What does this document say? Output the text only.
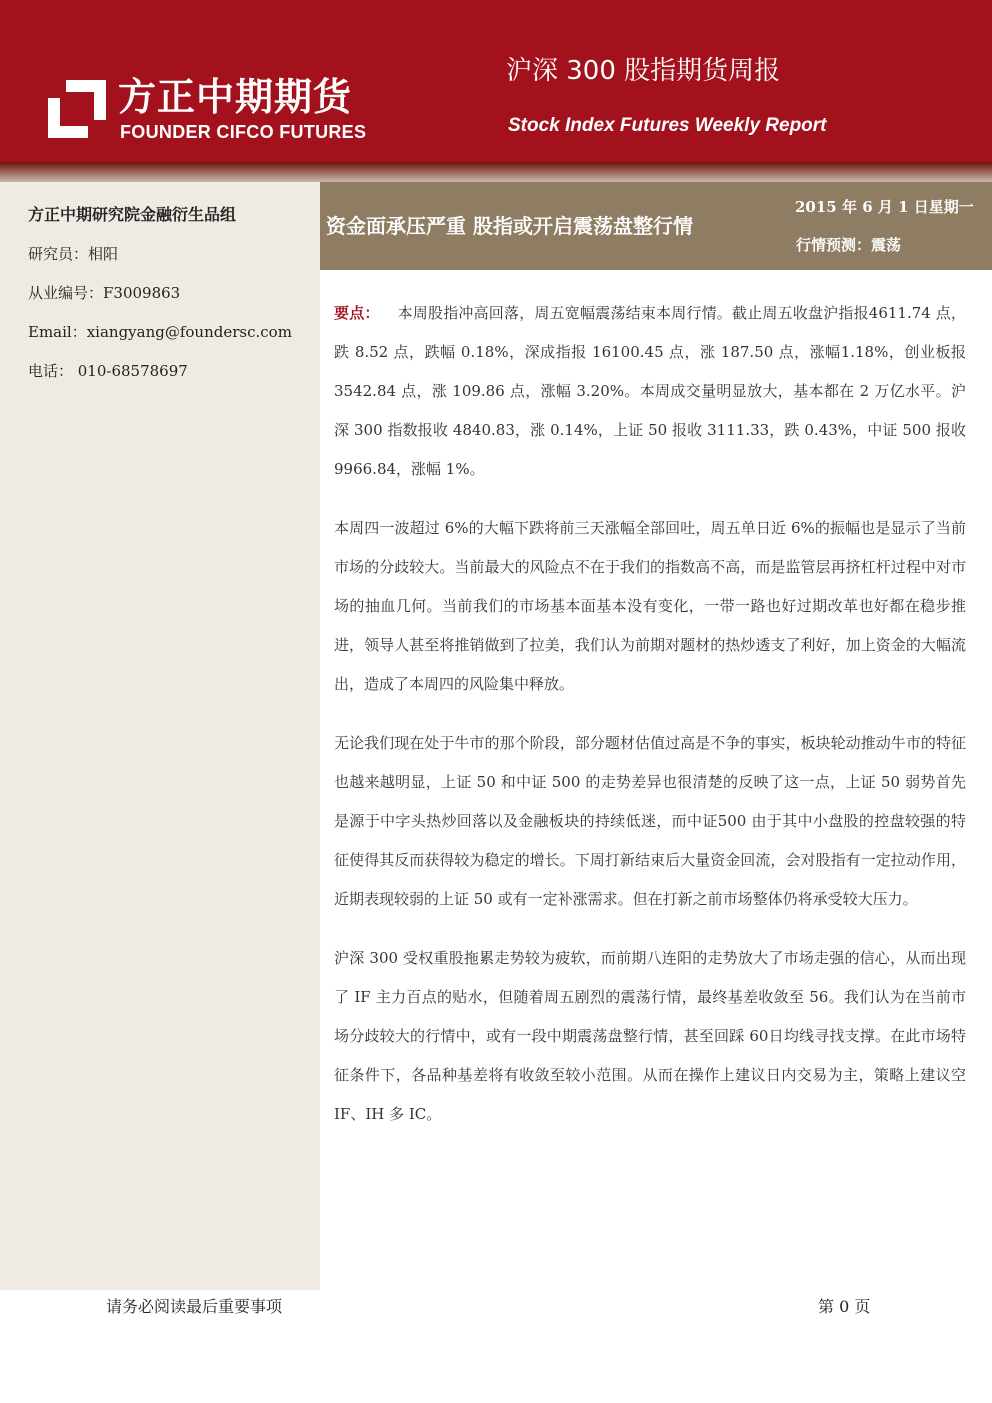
方正中期期货
FOUNDER CIFCO FUTURES
沪深 300 股指期货周报
Stock Index Futures Weekly Report
方正中期研究院金融衍生品组
研究员：相阳
从业编号：F3009863
Email：xiangyang@foundersc.com
电话： 010-68578697
资金面承压严重 股指或开启震荡盘整行情
2015 年 6 月 1 日星期一
行情预测：震荡

要点： 本周股指冲高回落，周五宽幅震荡结束本周行情。截止周五收盘沪指报4611.74 点，跌 8.52 点，跌幅 0.18%，深成指报 16100.45 点，涨 187.50 点，涨幅1.18%，创业板报 3542.84 点，涨 109.86 点，涨幅 3.20%。本周成交量明显放大，基本都在 2 万亿水平。沪深 300 指数报收 4840.83，涨 0.14%，上证 50 报收 3111.33，跌 0.43%，中证 500 报收 9966.84，涨幅 1%。

本周四一波超过 6%的大幅下跌将前三天涨幅全部回吐，周五单日近 6%的振幅也是显示了当前市场的分歧较大。当前最大的风险点不在于我们的指数高不高，而是监管层再挤杠杆过程中对市场的抽血几何。当前我们的市场基本面基本没有变化，一带一路也好过期改革也好都在稳步推进，领导人甚至将推销做到了拉美，我们认为前期对题材的热炒透支了利好，加上资金的大幅流出，造成了本周四的风险集中释放。

无论我们现在处于牛市的那个阶段，部分题材估值过高是不争的事实，板块轮动推动牛市的特征也越来越明显，上证 50 和中证 500 的走势差异也很清楚的反映了这一点，上证 50 弱势首先是源于中字头热炒回落以及金融板块的持续低迷，而中证500 由于其中小盘股的控盘较强的特征使得其反而获得较为稳定的增长。下周打新结束后大量资金回流，会对股指有一定拉动作用，近期表现较弱的上证 50 或有一定补涨需求。但在打新之前市场整体仍将承受较大压力。

沪深 300 受权重股拖累走势较为疲软，而前期八连阳的走势放大了市场走强的信心，从而出现了 IF 主力百点的贴水，但随着周五剧烈的震荡行情，最终基差收敛至 56。我们认为在当前市场分歧较大的行情中，或有一段中期震荡盘整行情，甚至回踩 60日均线寻找支撑。在此市场特征条件下，各品种基差将有收敛至较小范围。从而在操作上建议日内交易为主，策略上建议空 IF、IH 多 IC。

请务必阅读最后重要事项	第 0 页
